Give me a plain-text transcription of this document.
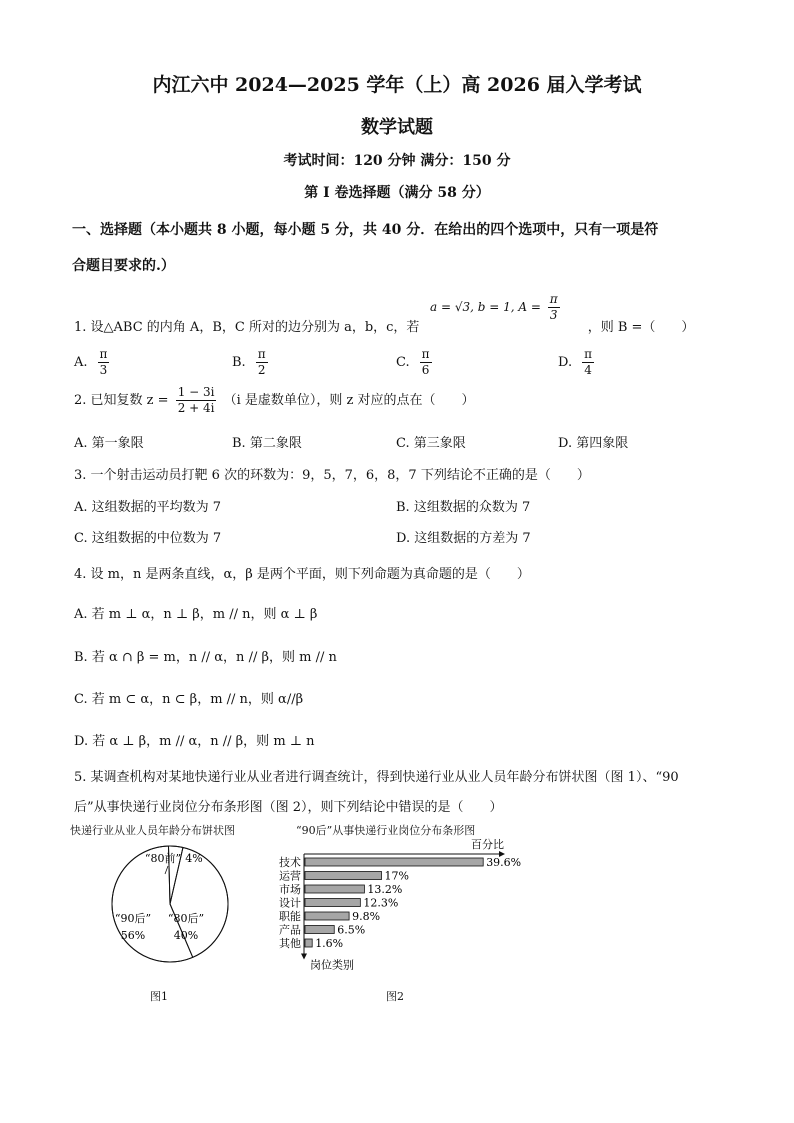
内江六中 2024—2025 学年（上）高 2026 届入学考试
数学试题
考试时间：120 分钟 满分：150 分
第 I 卷选择题（满分 58 分）
一、选择题（本小题共 8 小题，每小题 5 分，共 40 分．在给出的四个选项中，只有一项是符
合题目要求的.）
a = √3, b = 1, $A = \frac{\pi}{3}$
1. 设△ABC 的内角 A，B，C 所对的边分别为 a，b，c，若	，则 B =（　　）
A. $\frac{\pi}{3}$	B. $\frac{\pi}{2}$	C. $\frac{\pi}{6}$	D. $\frac{\pi}{4}$
2. 已知复数 $z = \frac{1 - 3i}{2 + 4i} (i$ 是虚数单位），则 z 对应的点在（　　）
A. 第一象限	B. 第二象限	C. 第三象限	D. 第四象限
3. 一个射击运动员打靶 6 次的环数为：9，5，7，6，8，7 下列结论不正确的是（　　）
A. 这组数据的平均数为 7	B. 这组数据的众数为 7
C. 这组数据的中位数为 7	D. 这组数据的方差为 7
4. 设 m，n 是两条直线，α，β 是两个平面，则下列命题为真命题的是（　　）
A. 若 m ⊥ α，n ⊥ β，m // n，则 α ⊥ β
B. 若 α ∩ β = m，n // α，n // β，则 m // n
C. 若 m ⊂ α，n ⊂ β，m // n，则 α//β
D. 若 α ⊥ β，m // α，n // β，则 m ⊥ n
5. 某调查机构对某地快递行业从业者进行调查统计，得到快递行业从业人员年龄分布饼状图（图 1）、“90
后”从事快递行业岗位分布条形图（图 2），则下列结论中错误的是（　　）
快递行业从业人员年龄分布饼状图
“90后”
56%
“80后”
40%
“80前” 4%
图1
“90后”从事快递行业岗位分布条形图
百分比
岗位类别
技术	39.6%
运营	17%
市场	13.2%
设计	12.3%
职能	9.8%
产品	6.5%
其他 1.6%
图2
